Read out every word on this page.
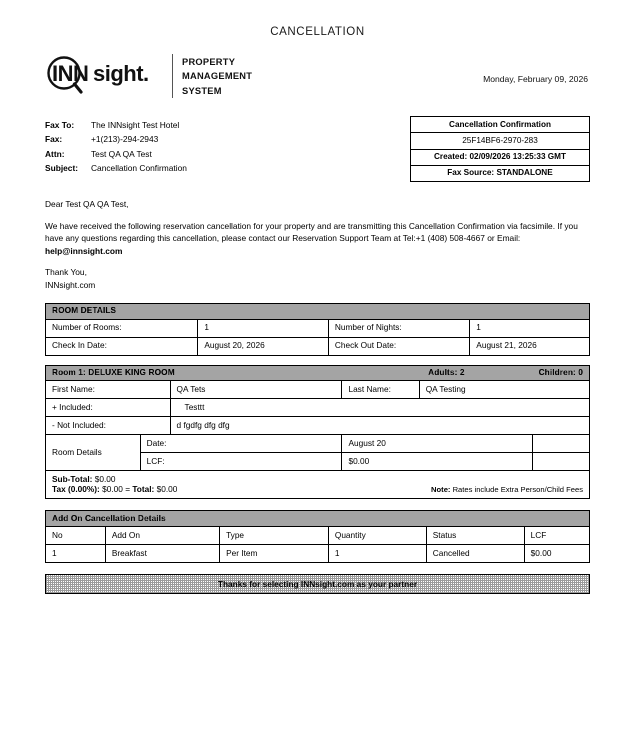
CANCELLATION
INN sight.	PROPERTY
MANAGEMENT
SYSTEM
Monday, February 09, 2026
Fax To:	The INNsight Test Hotel
Fax:	+1(213)-294-2943
Attn:	Test QA QA Test
Subject:	Cancellation Confirmation
Cancellation Confirmation
25F14BF6-2970-283
Created: 02/09/2026 13:25:33 GMT
Fax Source: STANDALONE

Dear Test QA QA Test,

We have received the following reservation cancellation for your property and are transmitting this Cancellation Confirmation via facsimile. If you have any questions regarding this cancellation, please contact our Reservation Support Team at Tel:+1 (408) 508-4667 or Email: help@innsight.com

Thank You,
INNsight.com
ROOM DETAILS			
Number of Rooms:	1	Number of Nights:	1
Check In Date:	August 20, 2026	Check Out Date:	August 21, 2026
Room 1: DELUXE KING ROOM Adults: 2 Children: 0					

First Name:		QA Tets	Last Name:	QA Testing	
+ Included:		Testtt			
- Not Included:		d fgdfg dfg dfg			
Room Details	Date:		August 20		
	LCF:		$0.00		

Sub-Total: $0.00
Tax (0.00%): $0.00 = Total: $0.00 Note: Rates include Extra Person/Child Fees					
Add On Cancellation Details					
No	Add On	Type	Quantity	Status	LCF
1	Breakfast	Per Item	1	Cancelled	$0.00
Thanks for selecting INNsight.com as your partner
